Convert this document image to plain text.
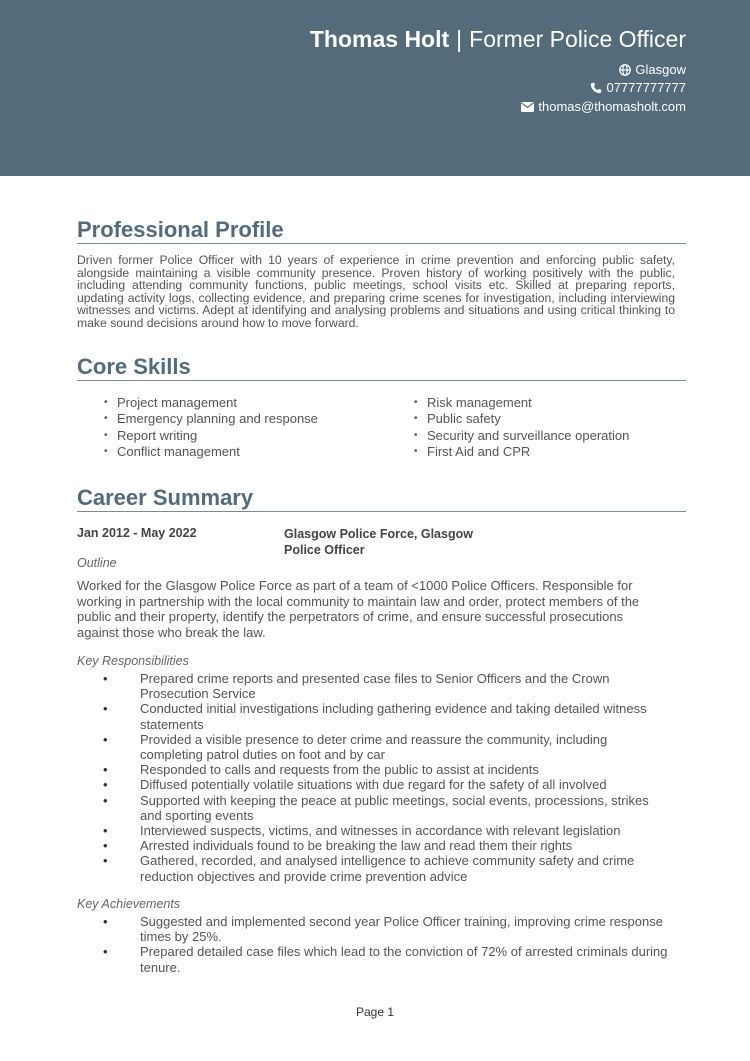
Thomas Holt | Former Police Officer
Glasgow
07777777777
thomas@thomasholt.com
Professional Profile
Driven former Police Officer with 10 years of experience in crime prevention and enforcing public safety, alongside maintaining a visible community presence. Proven history of working positively with the public, including attending community functions, public meetings, school visits etc. Skilled at preparing reports, updating activity logs, collecting evidence, and preparing crime scenes for investigation, including interviewing witnesses and victims. Adept at identifying and analysing problems and situations and using critical thinking to make sound decisions around how to move forward.
Core Skills
• Project management
• Emergency planning and response
• Report writing
• Conflict management
• Risk management
• Public safety
• Security and surveillance operation
• First Aid and CPR
Career Summary
Jan 2012 - May 2022	Glasgow Police Force, Glasgow
Police Officer
Outline
Worked for the Glasgow Police Force as part of a team of <1000 Police Officers. Responsible for working in partnership with the local community to maintain law and order, protect members of the public and their property, identify the perpetrators of crime, and ensure successful prosecutions against those who break the law.
Key Responsibilities
• Prepared crime reports and presented case files to Senior Officers and the Crown Prosecution Service
• Conducted initial investigations including gathering evidence and taking detailed witness statements
• Provided a visible presence to deter crime and reassure the community, including completing patrol duties on foot and by car
• Responded to calls and requests from the public to assist at incidents
• Diffused potentially volatile situations with due regard for the safety of all involved
• Supported with keeping the peace at public meetings, social events, processions, strikes and sporting events
• Interviewed suspects, victims, and witnesses in accordance with relevant legislation
• Arrested individuals found to be breaking the law and read them their rights
• Gathered, recorded, and analysed intelligence to achieve community safety and crime reduction objectives and provide crime prevention advice
Key Achievements
• Suggested and implemented second year Police Officer training, improving crime response times by 25%.
• Prepared detailed case files which lead to the conviction of 72% of arrested criminals during tenure.
Page 1
